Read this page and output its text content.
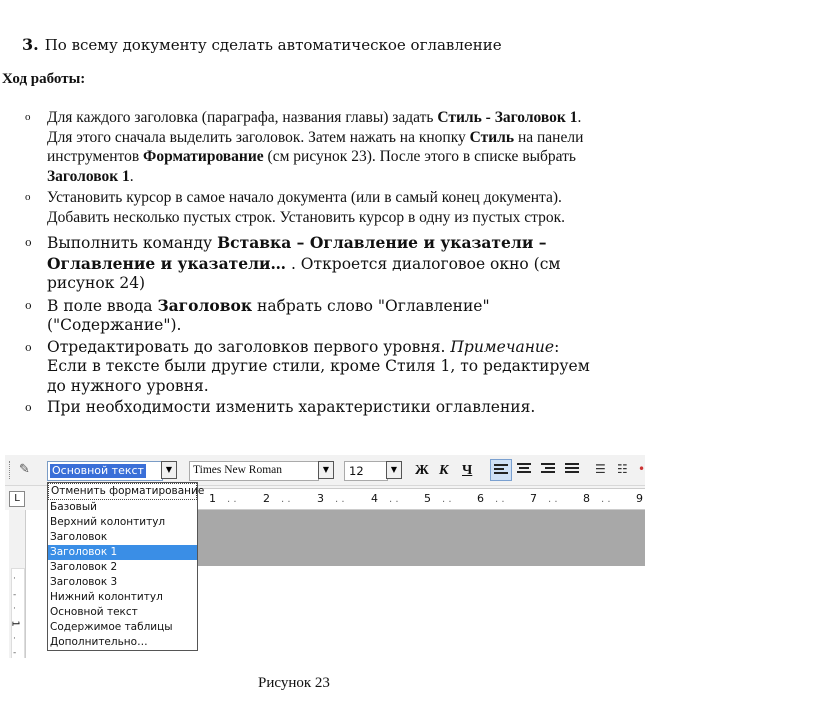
3. По всему документу сделать автоматическое оглавление
Ход работы:
o Для каждого заголовка (параграфа, названия главы) задать Стиль - Заголовок 1. Для этого сначала выделить заголовок. Затем нажать на кнопку Стиль на панели инструментов Форматирование (см рисунок 23). После этого в списке выбрать Заголовок 1.
o Установить курсор в самое начало документа (или в самый конец документа). Добавить несколько пустых строк. Установить курсор в одну из пустых строк.
o Выполнить команду Вставка – Оглавление и указатели – Оглавление и указатели… . Откроется диалоговое окно (см рисунок 24)
o В поле ввода Заголовок набрать слово "Оглавление" ("Содержание").
o Отредактировать до заголовков первого уровня. Примечание: Если в тексте были другие стили, кроме Стиля 1, то редактируем до нужного уровня.
o При необходимости изменить характеристики оглавления.
✎	Основной текст	▼	Times New Roman	▼	12	▼	Ж К Ч	☰ ☷ •
L	1	2	3	4	5	6	7	8	9
· ·	· ·	· ·	· ·	· ·	· ·	· ·	· ·
·
-
·
1
·
-
Отменить форматирование
Базовый
Верхний колонтитул
Заголовок
Заголовок 1
Заголовок 2
Заголовок 3
Нижний колонтитул
Основной текст
Содержимое таблицы
Дополнительно…
Рисунок 23
